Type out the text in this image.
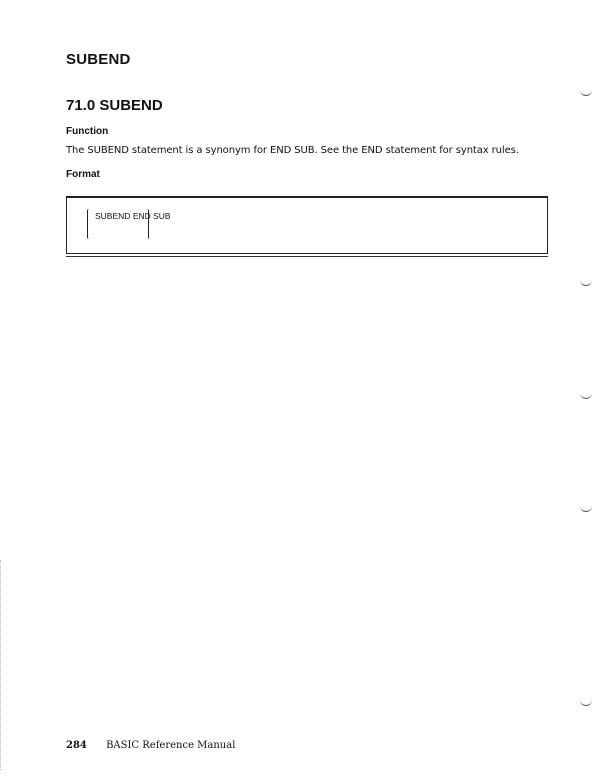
SUBEND
71.0 SUBEND
Function
The SUBEND statement is a synonym for END SUB. See the END statement for syntax rules.
Format
SUBEND END SUB
284 BASIC Reference Manual
